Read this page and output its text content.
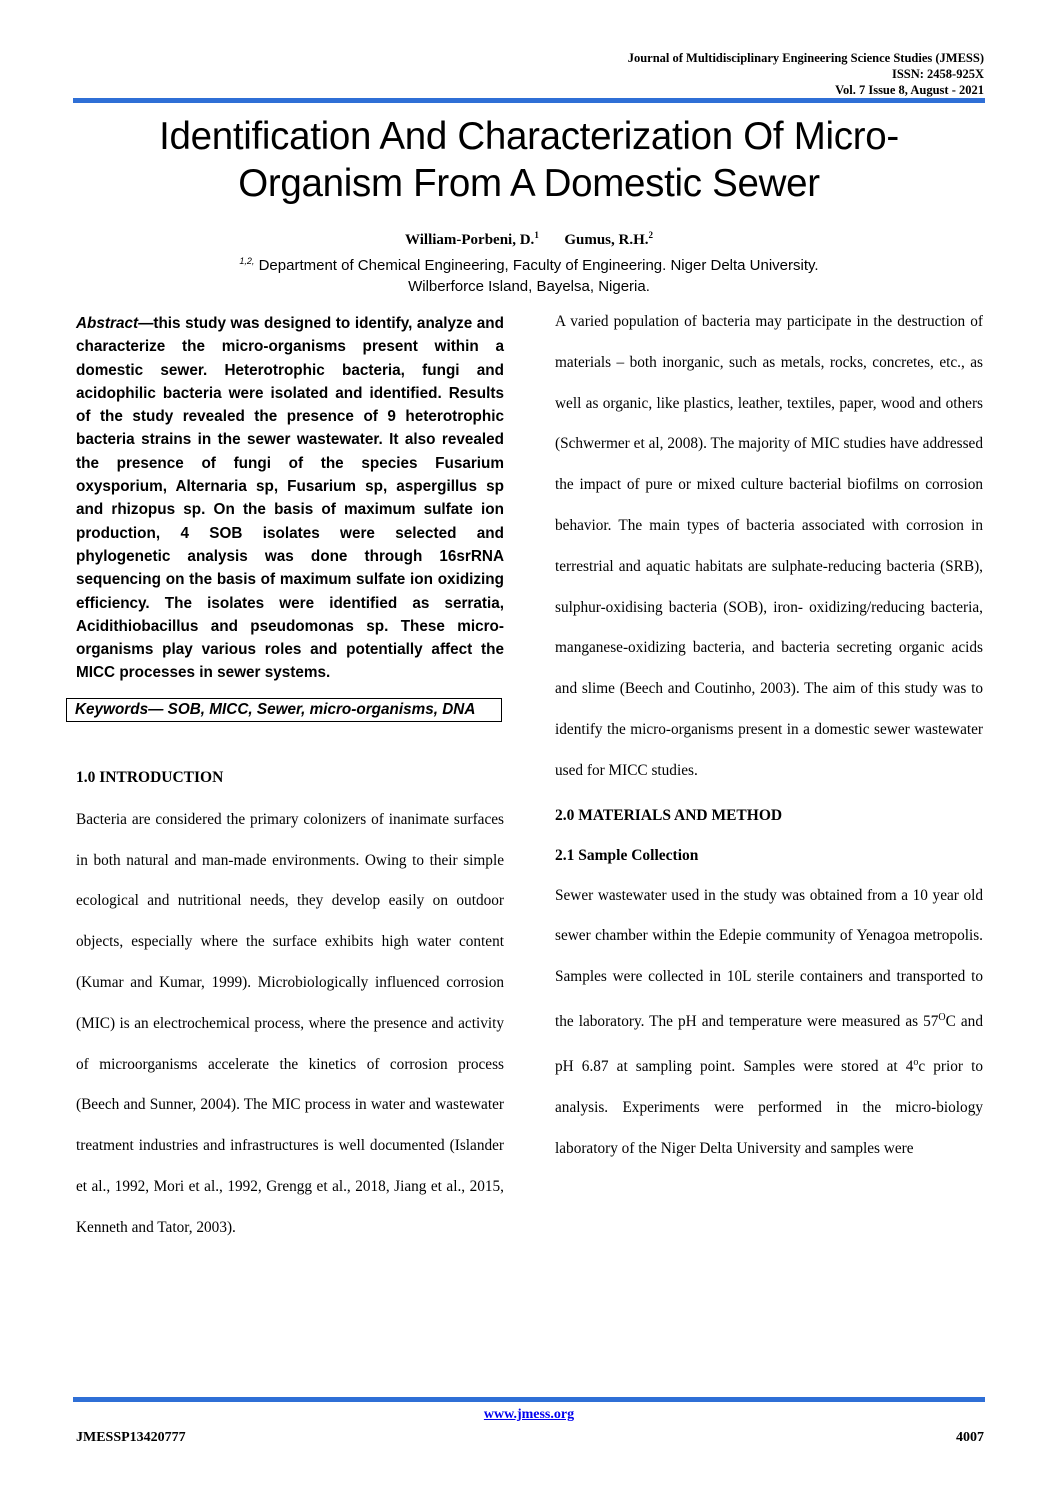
Journal of Multidisciplinary Engineering Science Studies (JMESS)
ISSN: 2458-925X
Vol. 7 Issue 8, August - 2021
Identification And Characterization Of Micro-
Organism From A Domestic Sewer
William-Porbeni, D.$^1$ Gumus, R.H.$^2$
$^{1,2,}$ Department of Chemical Engineering, Faculty of Engineering. Niger Delta University.
Wilberforce Island, Bayelsa, Nigeria.

Abstract—this study was designed to identify, analyze and characterize the micro-organisms present within a domestic sewer. Heterotrophic bacteria, fungi and acidophilic bacteria were isolated and identified. Results of the study revealed the presence of 9 heterotrophic bacteria strains in the sewer wastewater. It also revealed the presence of fungi of the species Fusarium oxysporium, Alternaria sp, Fusarium sp, aspergillus sp and rhizopus sp. On the basis of maximum sulfate ion production, 4 SOB isolates were selected and phylogenetic analysis was done through 16srRNA sequencing on the basis of maximum sulfate ion oxidizing efficiency. The isolates were identified as serratia, Acidithiobacillus and pseudomonas sp. These micro-organisms play various roles and potentially affect the MICC processes in sewer systems.

Keywords— SOB, MICC, Sewer, micro-organisms, DNA
1.0 INTRODUCTION

Bacteria are considered the primary colonizers of inanimate surfaces in both natural and man-made environments. Owing to their simple ecological and nutritional needs, they develop easily on outdoor objects, especially where the surface exhibits high water content (Kumar and Kumar, 1999). Microbiologically influenced corrosion (MIC) is an electrochemical process, where the presence and activity of microorganisms accelerate the kinetics of corrosion process (Beech and Sunner, 2004). The MIC process in water and wastewater treatment industries and infrastructures is well documented (Islander et al., 1992, Mori et al., 1992, Grengg et al., 2018, Jiang et al., 2015, Kenneth and Tator, 2003).

A varied population of bacteria may participate in the destruction of materials – both inorganic, such as metals, rocks, concretes, etc., as well as organic, like plastics, leather, textiles, paper, wood and others (Schwermer et al, 2008). The majority of MIC studies have addressed the impact of pure or mixed culture bacterial biofilms on corrosion behavior. The main types of bacteria associated with corrosion in terrestrial and aquatic habitats are sulphate-reducing bacteria (SRB), sulphur-oxidising bacteria (SOB), iron- oxidizing/reducing bacteria, manganese-oxidizing bacteria, and bacteria secreting organic acids and slime (Beech and Coutinho, 2003). The aim of this study was to identify the micro-organisms present in a domestic sewer wastewater used for MICC studies.

2.0 MATERIALS AND METHOD
2.1 Sample Collection

Sewer wastewater used in the study was obtained from a 10 year old sewer chamber within the Edepie community of Yenagoa metropolis. Samples were collected in 10L sterile containers and transported to the laboratory. The pH and temperature were measured as $57^OC$ and pH 6.87 at sampling point. Samples were stored at 4$^o$c prior to analysis. Experiments were performed in the micro-biology laboratory of the Niger Delta University and samples were

www.jmess.org
JMESSP13420777	4007
